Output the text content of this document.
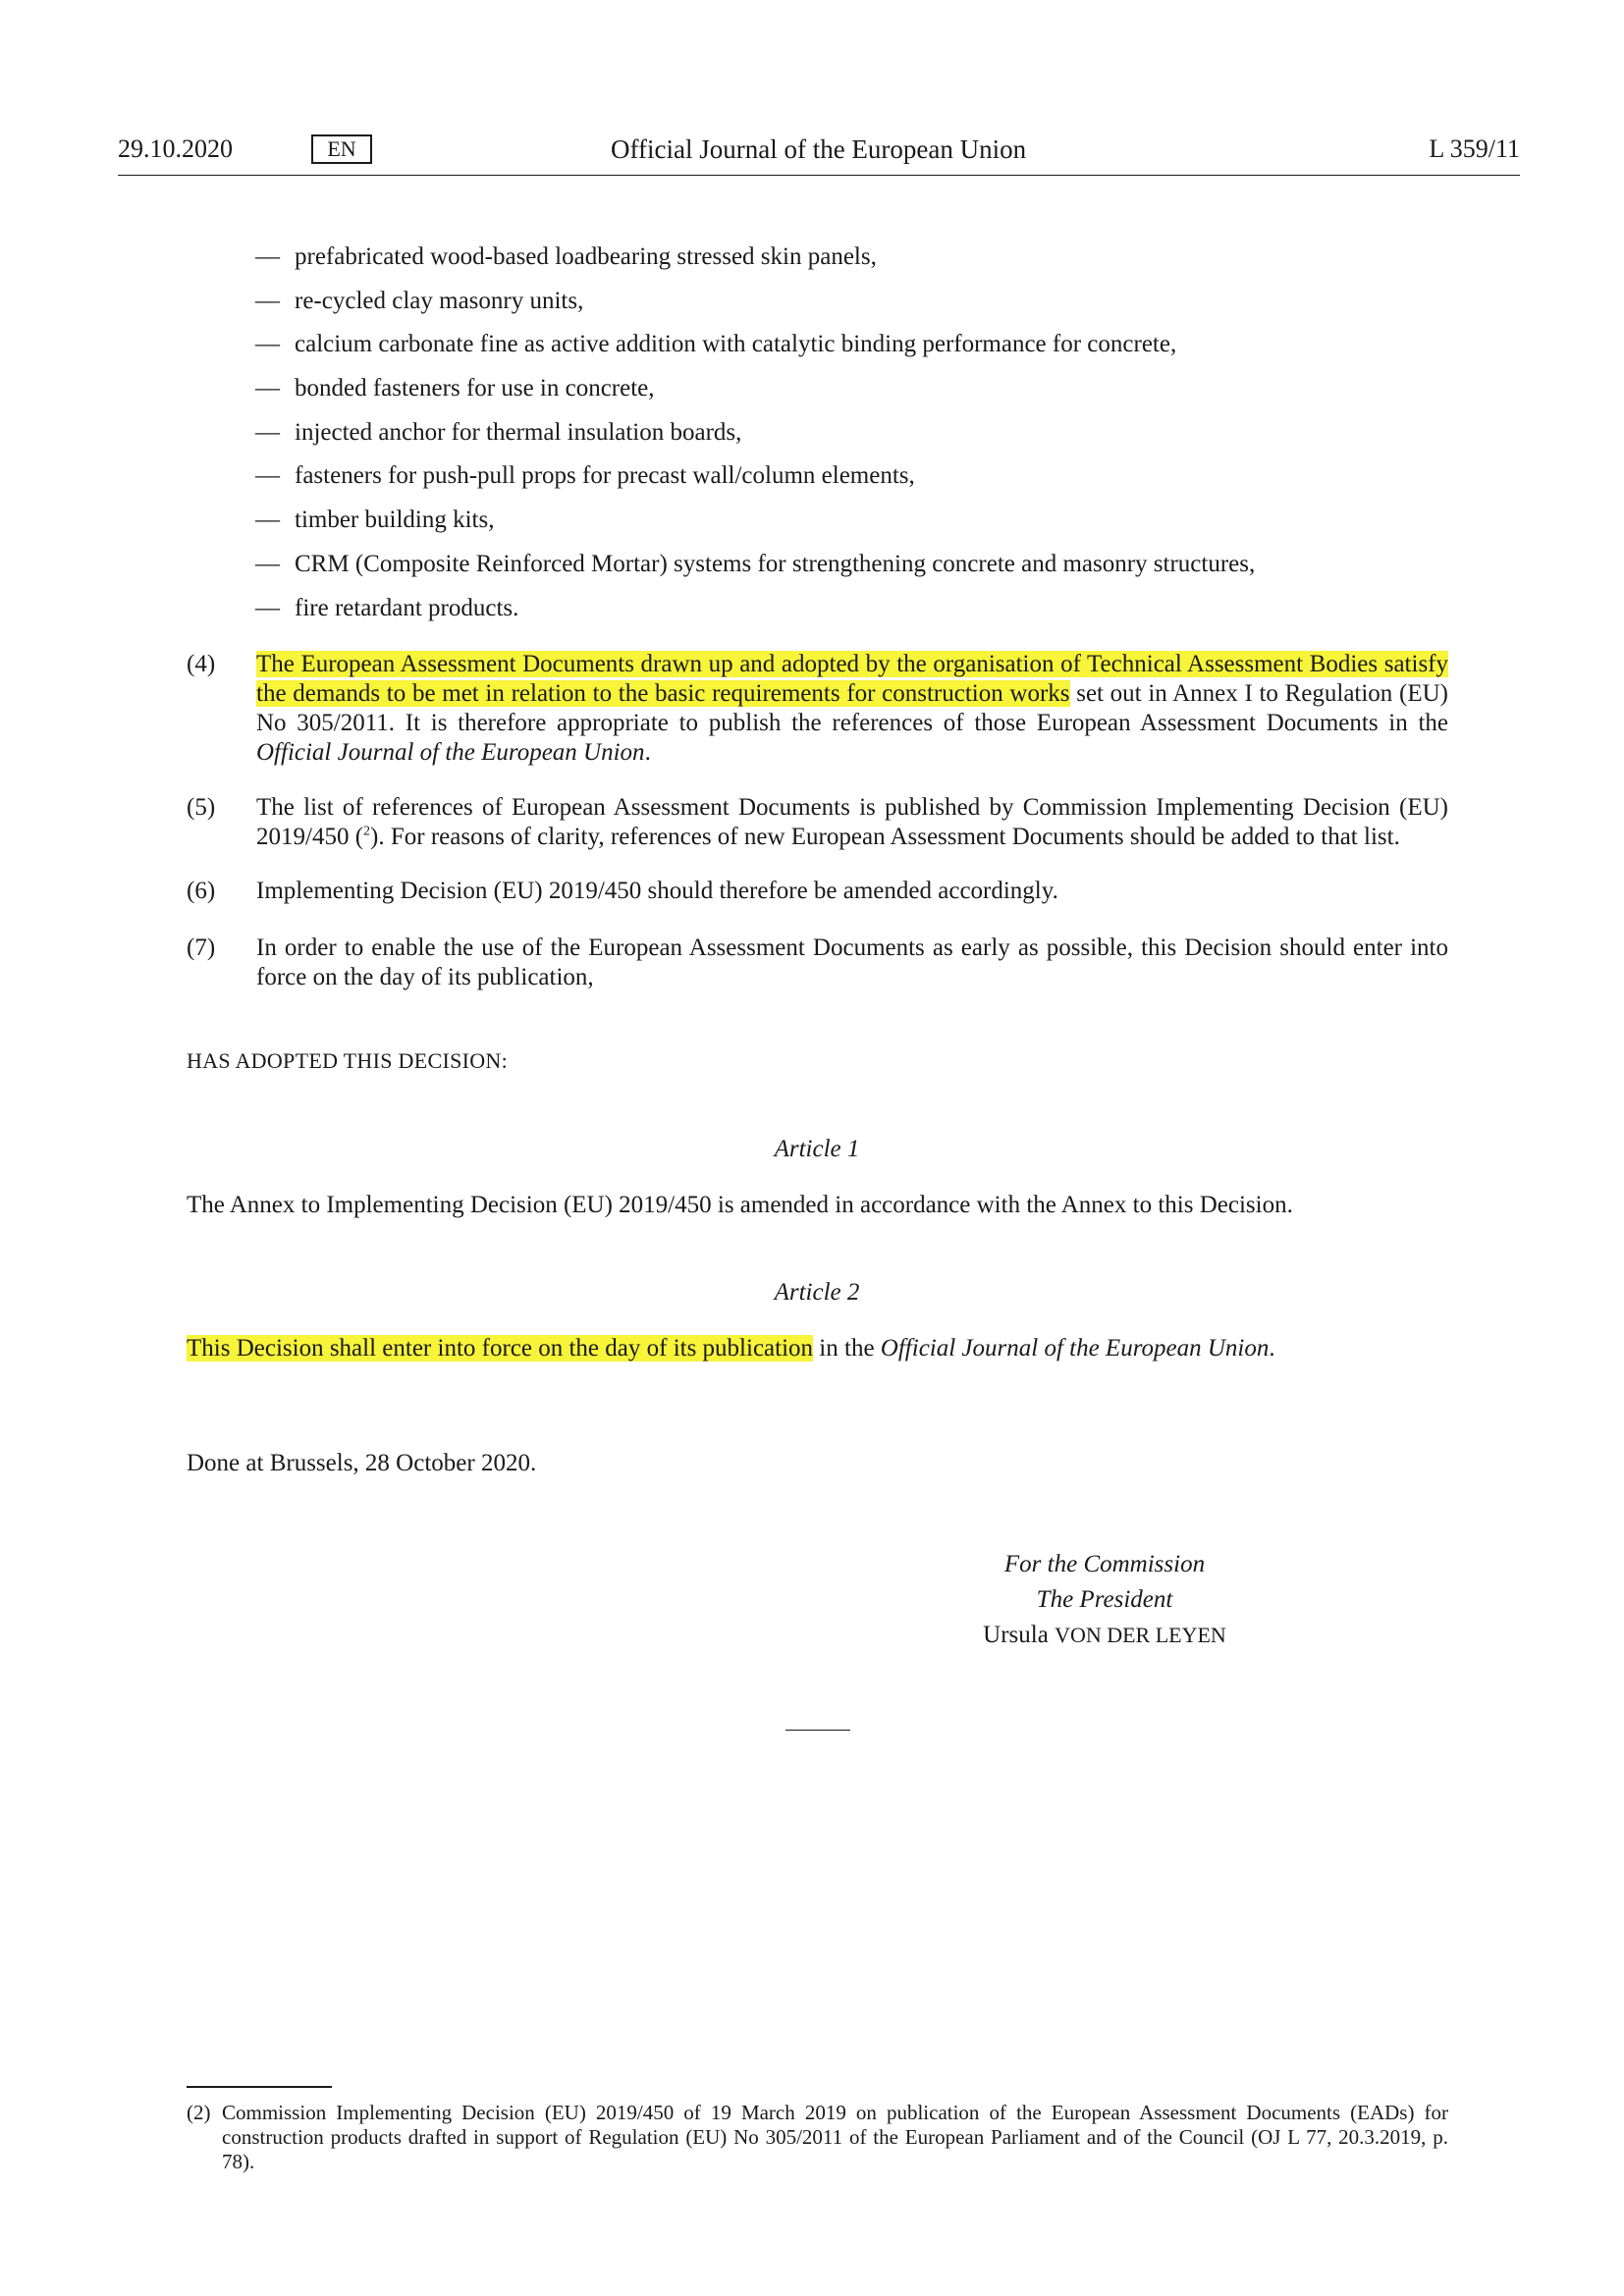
29.10.2020	EN	Official Journal of the European Union	L 359/11
— prefabricated wood-based loadbearing stressed skin panels,
— re-cycled clay masonry units,
— calcium carbonate fine as active addition with catalytic binding performance for concrete,
— bonded fasteners for use in concrete,
— injected anchor for thermal insulation boards,
— fasteners for push-pull props for precast wall/column elements,
— timber building kits,
— CRM (Composite Reinforced Mortar) systems for strengthening concrete and masonry structures,
— fire retardant products.
(4)	The European Assessment Documents drawn up and adopted by the organisation of Technical Assessment Bodies satisfy the demands to be met in relation to the basic requirements for construction works set out in Annex I to Regulation (EU) No 305/2011. It is therefore appropriate to publish the references of those European Assessment Documents in the Official Journal of the European Union.
(5)	The list of references of European Assessment Documents is published by Commission Implementing Decision (EU) 2019/450 ($^2$). For reasons of clarity, references of new European Assessment Documents should be added to that list.
(6)	Implementing Decision (EU) 2019/450 should therefore be amended accordingly.
(7)	In order to enable the use of the European Assessment Documents as early as possible, this Decision should enter into force on the day of its publication,
HAS ADOPTED THIS DECISION:
Article 1
The Annex to Implementing Decision (EU) 2019/450 is amended in accordance with the Annex to this Decision.
Article 2
This Decision shall enter into force on the day of its publication in the Official Journal of the European Union.
Done at Brussels, 28 October 2020.
For the Commission
The President
Ursula VON DER LEYEN
(2) Commission Implementing Decision (EU) 2019/450 of 19 March 2019 on publication of the European Assessment Documents (EADs) for construction products drafted in support of Regulation (EU) No 305/2011 of the European Parliament and of the Council (OJ L 77, 20.3.2019, p. 78).
